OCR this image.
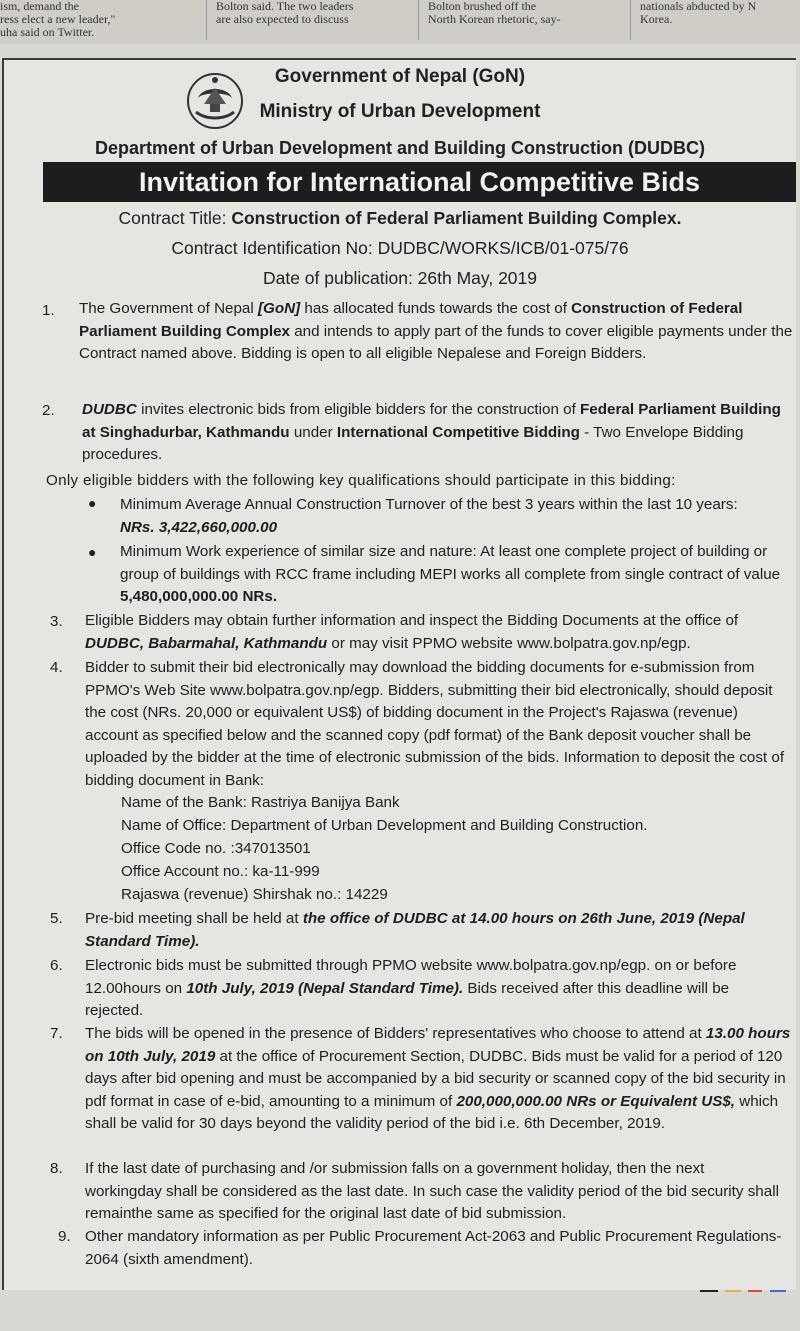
ism, demand the
ress elect a new leader,"
uha said on Twitter.
Bolton said. The two leaders
are also expected to discuss
Bolton brushed off the
North Korean rhetoric, say-
nationals abducted by N
Korea.
Government of Nepal (GoN)
Ministry of Urban Development
Department of Urban Development and Building Construction (DUDBC)
Invitation for International Competitive Bids
Contract Title: Construction of Federal Parliament Building Complex.
Contract Identification No: DUDBC/WORKS/ICB/01-075/76
Date of publication: 26th May, 2019
1. The Government of Nepal [GoN] has allocated funds towards the cost of Construction of Federal Parliament Building Complex and intends to apply part of the funds to cover eligible payments under the Contract named above. Bidding is open to all eligible Nepalese and Foreign Bidders.
2. DUDBC invites electronic bids from eligible bidders for the construction of Federal Parliament Building at Singhadurbar, Kathmandu under International Competitive Bidding - Two Envelope Bidding procedures.
Only eligible bidders with the following key qualifications should participate in this bidding:
● Minimum Average Annual Construction Turnover of the best 3 years within the last 10 years:
NRs. 3,422,660,000.00
● Minimum Work experience of similar size and nature: At least one complete project of building or group of buildings with RCC frame including MEPI works all complete from single contract of value 5,480,000,000.00 NRs.
3. Eligible Bidders may obtain further information and inspect the Bidding Documents at the office of DUDBC, Babarmahal, Kathmandu or may visit PPMO website www.bolpatra.gov.np/egp.
4. Bidder to submit their bid electronically may download the bidding documents for e-submission from PPMO's Web Site www.bolpatra.gov.np/egp. Bidders, submitting their bid electronically, should deposit the cost (NRs. 20,000 or equivalent US$) of bidding document in the Project's Rajaswa (revenue) account as specified below and the scanned copy (pdf format) of the Bank deposit voucher shall be uploaded by the bidder at the time of electronic submission of the bids. Information to deposit the cost of bidding document in Bank:
Name of the Bank: Rastriya Banijya Bank
Name of Office: Department of Urban Development and Building Construction.
Office Code no. :347013501
Office Account no.: ka-11-999
Rajaswa (revenue) Shirshak no.: 14229
5. Pre-bid meeting shall be held at the office of DUDBC at 14.00 hours on 26th June, 2019 (Nepal Standard Time).
6. Electronic bids must be submitted through PPMO website www.bolpatra.gov.np/egp. on or before 12.00hours on 10th July, 2019 (Nepal Standard Time). Bids received after this deadline will be rejected.
7. The bids will be opened in the presence of Bidders' representatives who choose to attend at 13.00 hours on 10th July, 2019 at the office of Procurement Section, DUDBC. Bids must be valid for a period of 120 days after bid opening and must be accompanied by a bid security or scanned copy of the bid security in pdf format in case of e-bid, amounting to a minimum of 200,000,000.00 NRs or Equivalent US$, which shall be valid for 30 days beyond the validity period of the bid i.e. 6th December, 2019.
8. If the last date of purchasing and /or submission falls on a government holiday, then the next workingday shall be considered as the last date. In such case the validity period of the bid security shall remainthe same as specified for the original last date of bid submission.
9. Other mandatory information as per Public Procurement Act-2063 and Public Procurement Regulations-2064 (sixth amendment).
